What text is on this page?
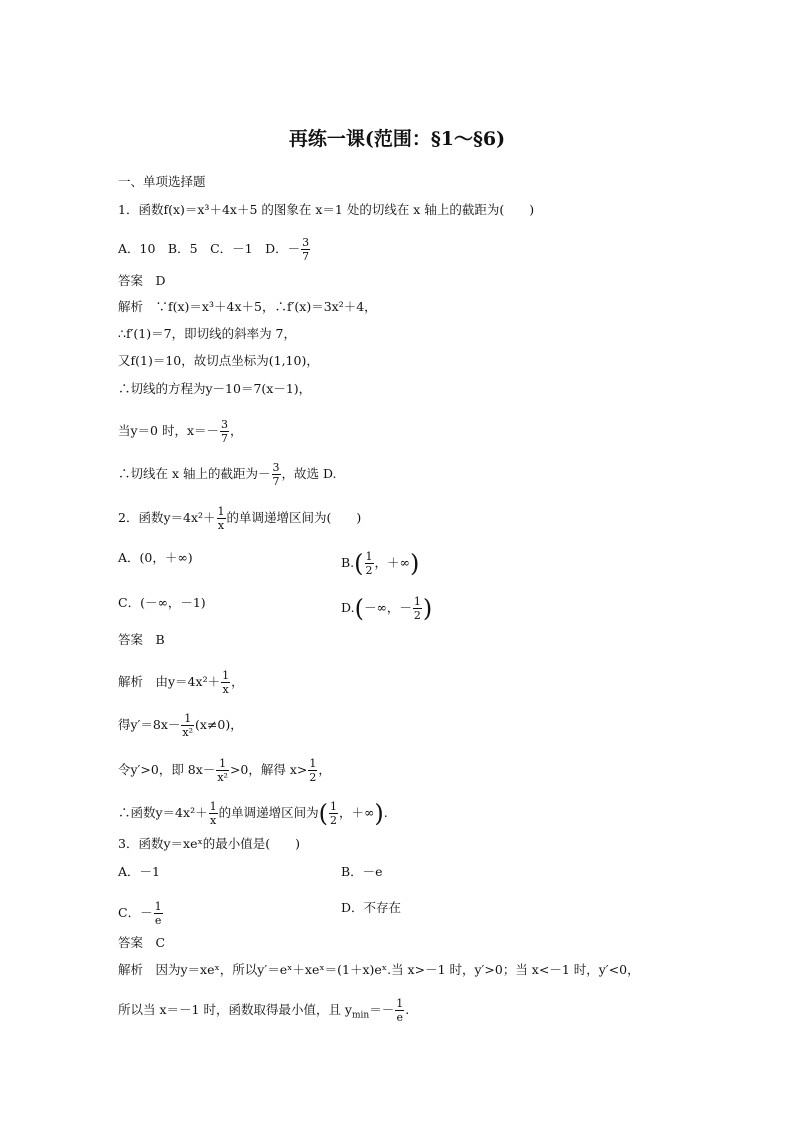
再练一课(范围：§1～§6)
一、单项选择题
1．函数f(x)＝x³＋4x＋5 的图象在 x＝1 处的切线在 x 轴上的截距为(　　)
A．10　B．5　C．－1　D．－ $\frac{3}{7}$
答案　D
解析　∵f(x)＝x³＋4x＋5，∴f′(x)＝3x²＋4，
∴f′(1)＝7，即切线的斜率为 7，
又f(1)＝10，故切点坐标为(1,10)，
∴切线的方程为y－10＝7(x－1)，
当y＝0 时，$x=- \frac{3}{7}$ ，
∴切线在 x 轴上的截距为－ $\frac{3}{7}$ ，故选 D.
2．函数$y=4x^2+ \frac{1}{x}$ 的单调递增区间为(　　)
A．(0，＋∞)	$B.( \frac{1}{2}$ ，＋∞)
C．(－∞，－1)	D.(－∞，－ $\frac{1}{2}$ )
答案　B
解析　由$y=4x^2+ \frac{1}{x}$ ，
得$y'=8x- \frac{1}{\text{x²}} (x\ne 0)$，
令y′>0，即 $8x- \frac{1}{\text{x²}} >0$，解得 $x> \frac{1}{2}$ ，
∴函数$y=4x^2+ \frac{1}{x}$ 的单调递增区间为( $\frac{1}{2}$ ，＋∞).
3．函数y＝xeˣ的最小值是(　　)
A．－1	B．－e
C．－ $\frac{1}{e}$	D．不存在
答案　C
解析　因为y＝xeˣ，所以y′＝eˣ＋xeˣ＝(1＋x)eˣ.当 x>－1 时，y′>0；当 x<－1 时，y′<0，
所以当 x＝－1 时，函数取得最小值，且 $y_{min}=- \frac{1}{e}$ .
